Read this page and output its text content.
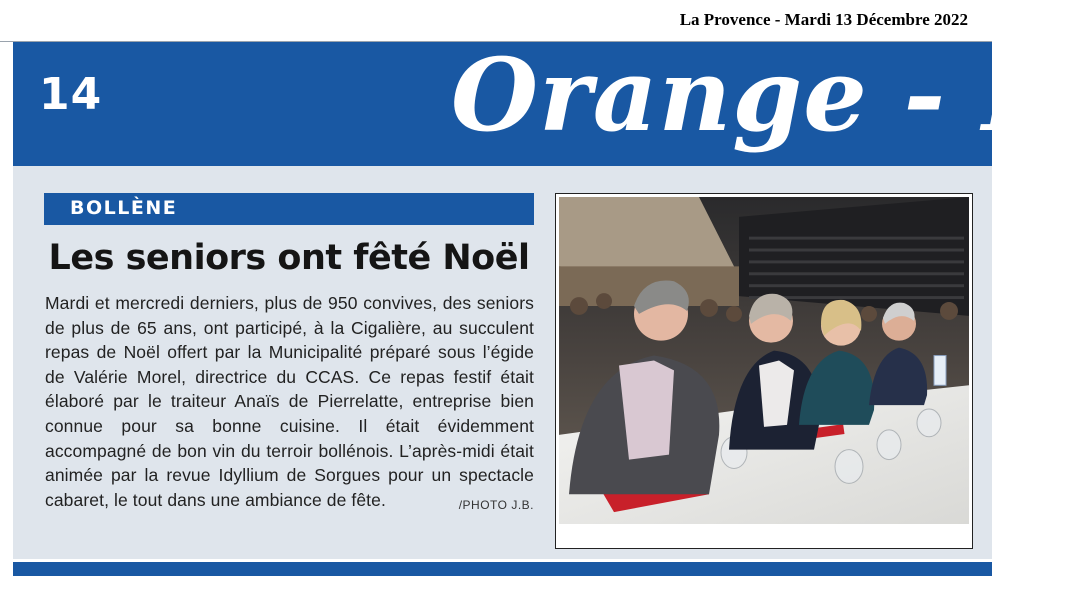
La Provence - Mardi 13 Décembre 2022
14	Orange - H
BOLLÈNE
Les seniors ont fêté Noël
Mardi et mercredi derniers, plus de 950 convives, des seniors de plus de 65 ans, ont participé, à la Cigalière, au succulent repas de Noël offert par la Municipalité préparé sous l’égide de Valérie Morel, directrice du CCAS. Ce repas festif était élaboré par le traiteur Anaïs de Pierrelatte, entreprise bien connue pour sa bonne cuisine. Il était évidemment accompagné de bon vin du terroir bollénois. L’après-midi était animée par la revue Idyllium de Sorgues pour un spectacle cabaret, le tout dans une ambiance de fête.	/PHOTO J.B.
